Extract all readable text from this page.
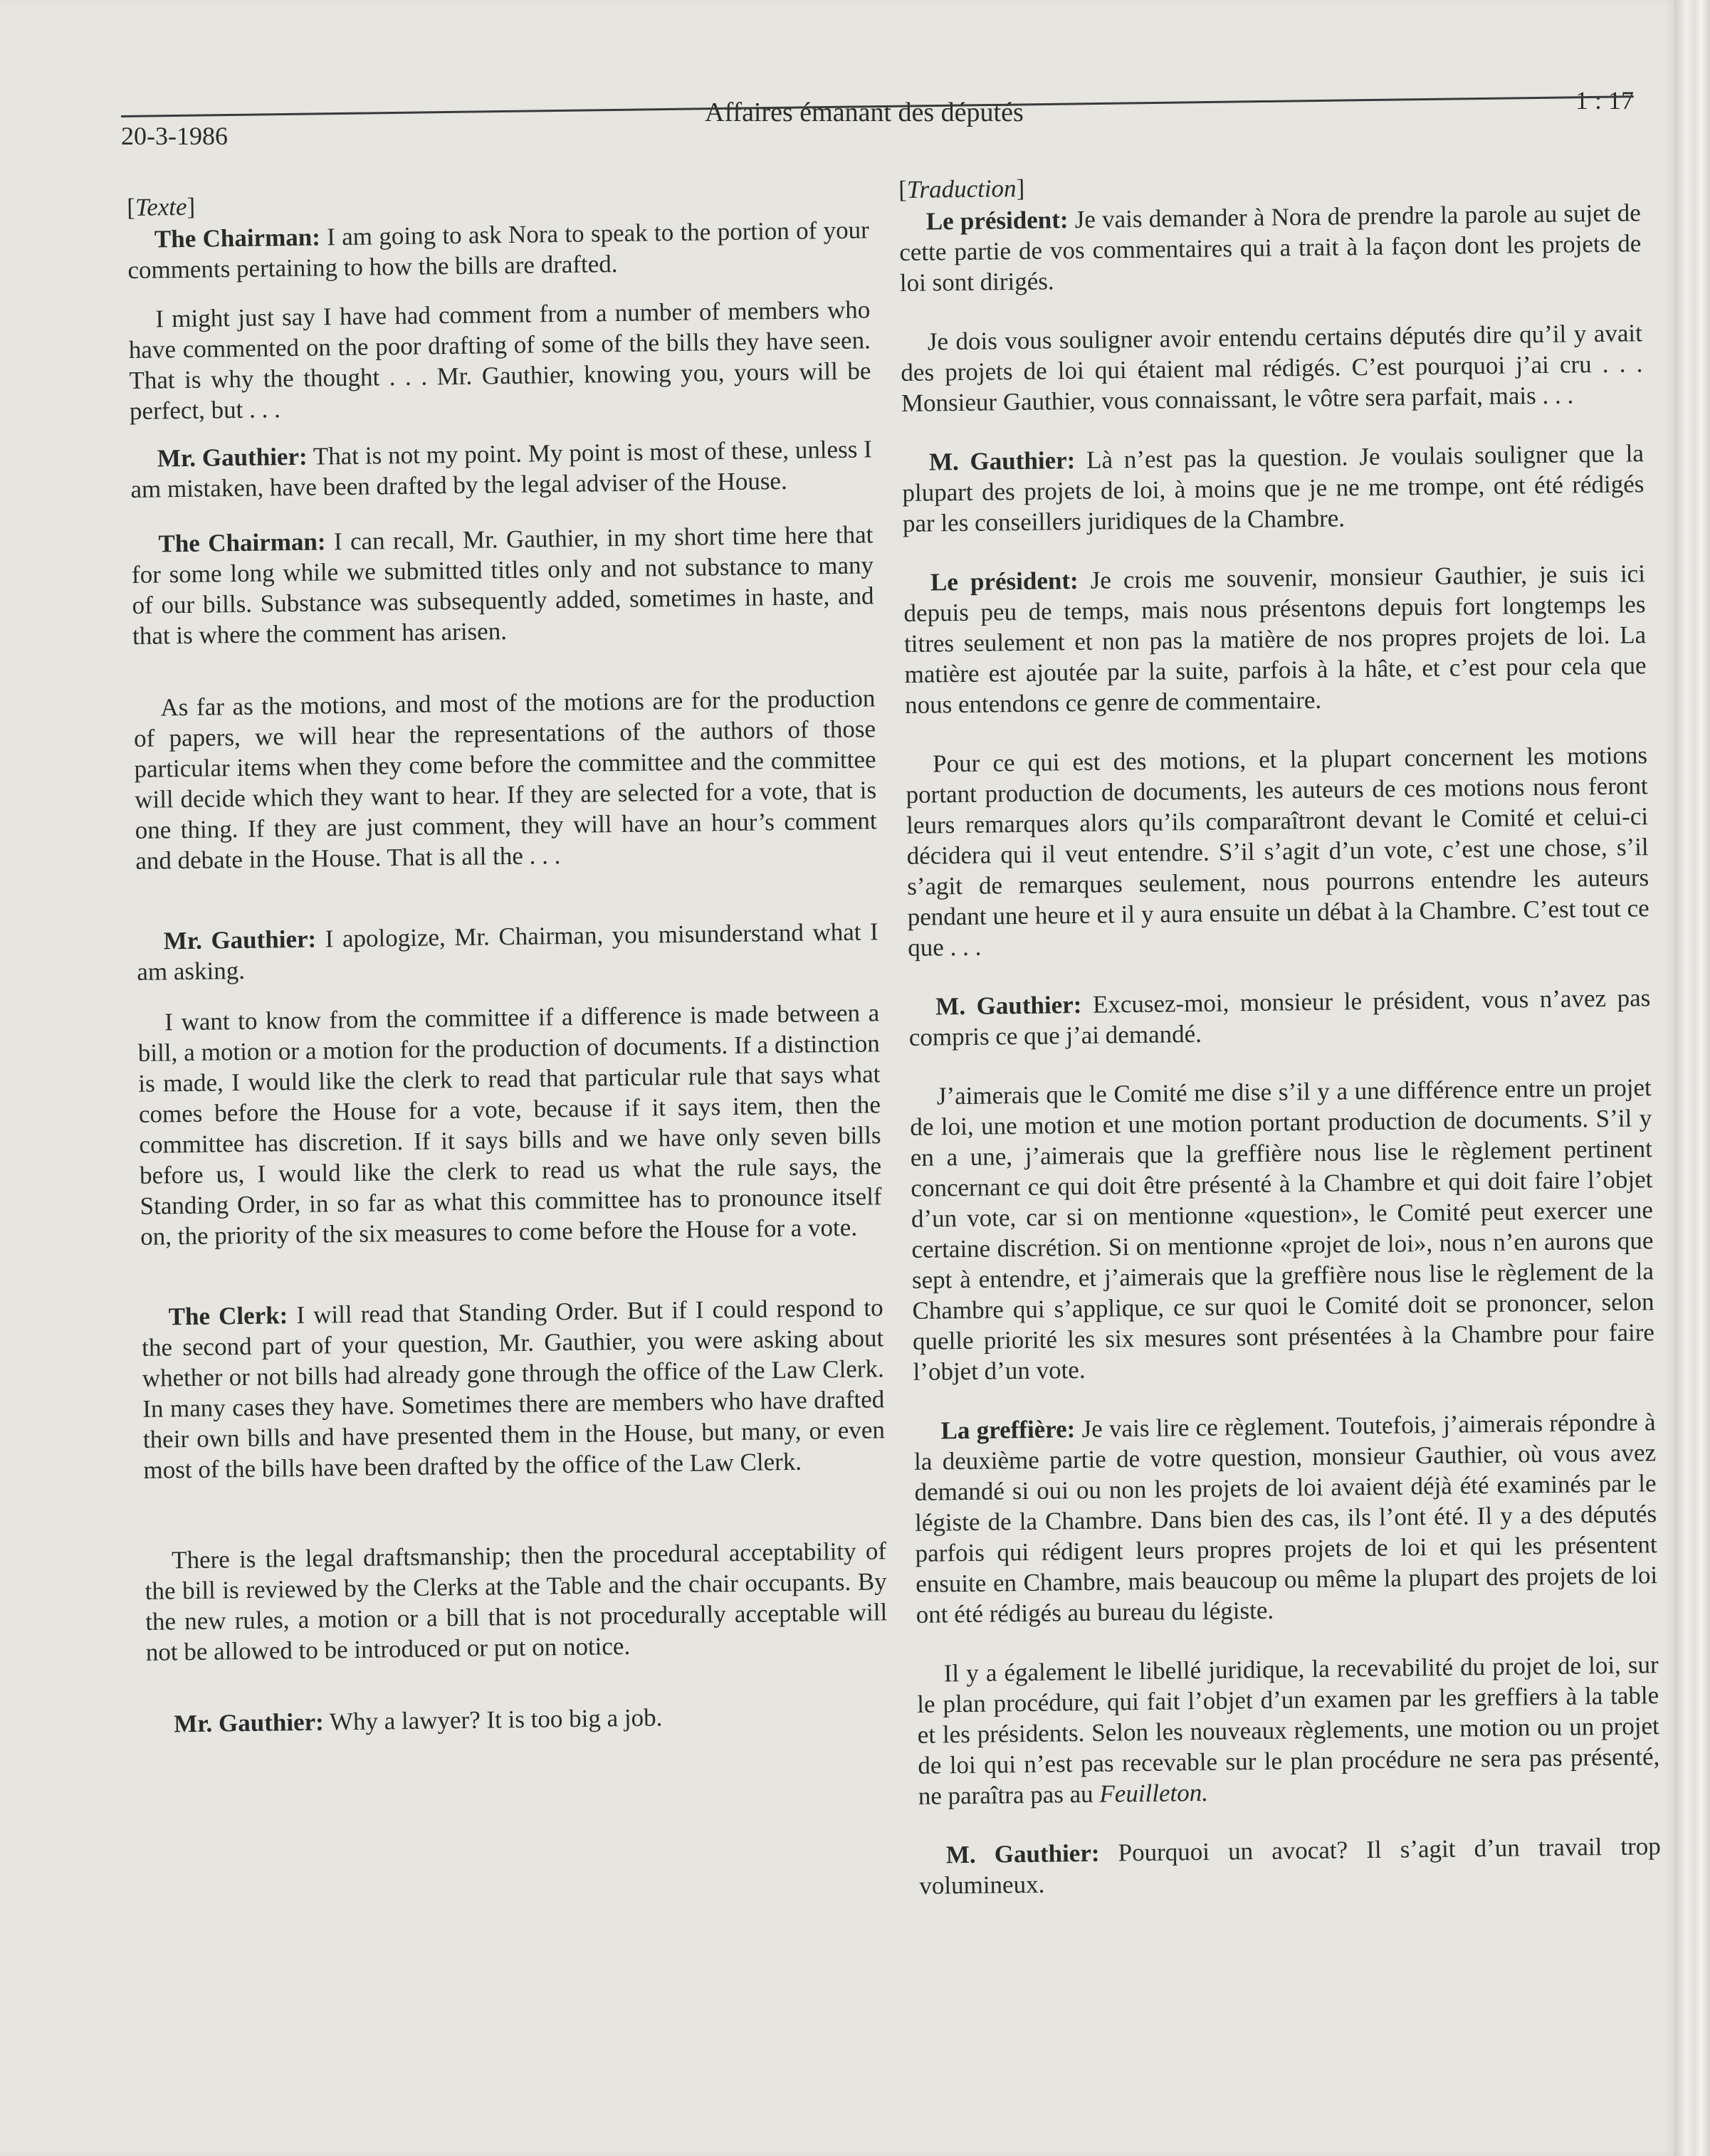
20-3-1986
Affaires émanant des députés	1 : 17
[Texte]

The Chairman: I am going to ask Nora to speak to the portion of your comments pertaining to how the bills are drafted.

I might just say I have had comment from a number of members who have commented on the poor drafting of some of the bills they have seen. That is why the thought . . . Mr. Gauthier, knowing you, yours will be perfect, but . . .

Mr. Gauthier: That is not my point. My point is most of these, unless I am mistaken, have been drafted by the legal adviser of the House.

The Chairman: I can recall, Mr. Gauthier, in my short time here that for some long while we submitted titles only and not substance to many of our bills. Substance was subsequently added, sometimes in haste, and that is where the comment has arisen.

As far as the motions, and most of the motions are for the production of papers, we will hear the representations of the authors of those particular items when they come before the committee and the committee will decide which they want to hear. If they are selected for a vote, that is one thing. If they are just comment, they will have an hour’s comment and debate in the House. That is all the . . .

Mr. Gauthier: I apologize, Mr. Chairman, you misunderstand what I am asking.

I want to know from the committee if a difference is made between a bill, a motion or a motion for the production of documents. If a distinction is made, I would like the clerk to read that particular rule that says what comes before the House for a vote, because if it says item, then the committee has discretion. If it says bills and we have only seven bills before us, I would like the clerk to read us what the rule says, the Standing Order, in so far as what this committee has to pronounce itself on, the priority of the six measures to come before the House for a vote.

The Clerk: I will read that Standing Order. But if I could respond to the second part of your question, Mr. Gauthier, you were asking about whether or not bills had already gone through the office of the Law Clerk. In many cases they have. Sometimes there are members who have drafted their own bills and have presented them in the House, but many, or even most of the bills have been drafted by the office of the Law Clerk.

There is the legal draftsmanship; then the procedural acceptability of the bill is reviewed by the Clerks at the Table and the chair occupants. By the new rules, a motion or a bill that is not procedurally acceptable will not be allowed to be introduced or put on notice.

Mr. Gauthier: Why a lawyer? It is too big a job.

[Traduction]

Le président: Je vais demander à Nora de prendre la parole au sujet de cette partie de vos commentaires qui a trait à la façon dont les projets de loi sont dirigés.

Je dois vous souligner avoir entendu certains députés dire qu’il y avait des projets de loi qui étaient mal rédigés. C’est pourquoi j’ai cru . . . Monsieur Gauthier, vous connaissant, le vôtre sera parfait, mais . . .

M. Gauthier: Là n’est pas la question. Je voulais souligner que la plupart des projets de loi, à moins que je ne me trompe, ont été rédigés par les conseillers juridiques de la Chambre.

Le président: Je crois me souvenir, monsieur Gauthier, je suis ici depuis peu de temps, mais nous présentons depuis fort longtemps les titres seulement et non pas la matière de nos propres projets de loi. La matière est ajoutée par la suite, parfois à la hâte, et c’est pour cela que nous entendons ce genre de commentaire.

Pour ce qui est des motions, et la plupart concernent les motions portant production de documents, les auteurs de ces motions nous feront leurs remarques alors qu’ils comparaîtront devant le Comité et celui-ci décidera qui il veut entendre. S’il s’agit d’un vote, c’est une chose, s’il s’agit de remarques seulement, nous pourrons entendre les auteurs pendant une heure et il y aura ensuite un débat à la Chambre. C’est tout ce que . . .

M. Gauthier: Excusez-moi, monsieur le président, vous n’avez pas compris ce que j’ai demandé.

J’aimerais que le Comité me dise s’il y a une différence entre un projet de loi, une motion et une motion portant production de documents. S’il y en a une, j’aimerais que la greffière nous lise le règlement pertinent concernant ce qui doit être présenté à la Chambre et qui doit faire l’objet d’un vote, car si on mentionne «question», le Comité peut exercer une certaine discrétion. Si on mentionne «projet de loi», nous n’en aurons que sept à entendre, et j’aimerais que la greffière nous lise le règlement de la Chambre qui s’applique, ce sur quoi le Comité doit se prononcer, selon quelle priorité les six mesures sont présentées à la Chambre pour faire l’objet d’un vote.

La greffière: Je vais lire ce règlement. Toutefois, j’aimerais répondre à la deuxième partie de votre question, monsieur Gauthier, où vous avez demandé si oui ou non les projets de loi avaient déjà été examinés par le légiste de la Chambre. Dans bien des cas, ils l’ont été. Il y a des députés parfois qui rédigent leurs propres projets de loi et qui les présentent ensuite en Chambre, mais beaucoup ou même la plupart des projets de loi ont été rédigés au bureau du légiste.

Il y a également le libellé juridique, la recevabilité du projet de loi, sur le plan procédure, qui fait l’objet d’un examen par les greffiers à la table et les présidents. Selon les nouveaux règlements, une motion ou un projet de loi qui n’est pas recevable sur le plan procédure ne sera pas présenté, ne paraîtra pas au Feuilleton.

M. Gauthier: Pourquoi un avocat? Il s’agit d’un travail trop volumineux.
